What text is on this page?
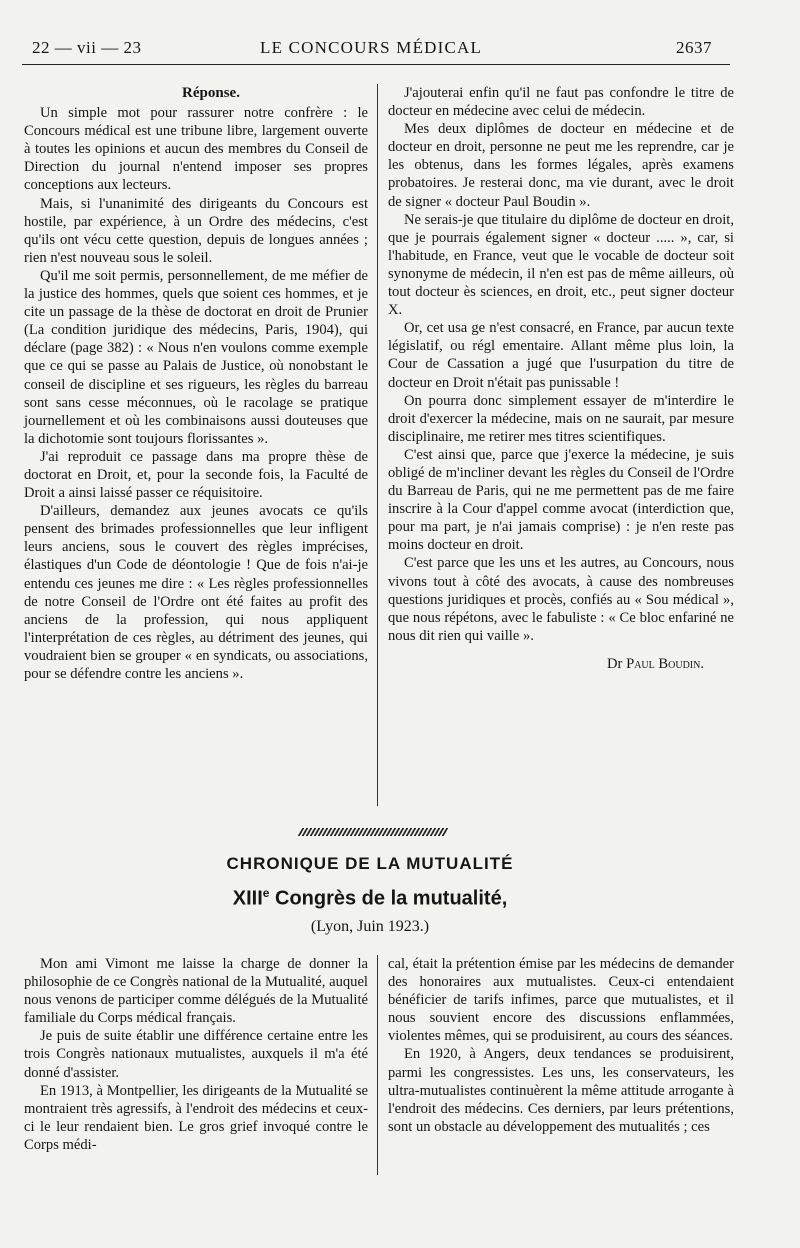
22 — vii — 23	LE CONCOURS MÉDICAL	2637
Réponse.

Un simple mot pour rassurer notre confrère : le Concours médical est une tribune libre, largement ouverte à toutes les opinions et aucun des membres du Conseil de Direction du journal n'entend imposer ses propres conceptions aux lecteurs.

Mais, si l'unanimité des dirigeants du Concours est hostile, par expérience, à un Ordre des médecins, c'est qu'ils ont vécu cette question, depuis de longues années ; rien n'est nouveau sous le soleil.

Qu'il me soit permis, personnellement, de me méfier de la justice des hommes, quels que soient ces hommes, et je cite un passage de la thèse de doctorat en droit de Prunier (La condition juridique des médecins, Paris, 1904), qui déclare (page 382) : « Nous n'en voulons comme exemple que ce qui se passe au Palais de Justice, où nonobstant le conseil de discipline et ses rigueurs, les règles du barreau sont sans cesse méconnues, où le racolage se pratique journellement et où les combinaisons aussi douteuses que la dichotomie sont toujours florissantes ».

J'ai reproduit ce passage dans ma propre thèse de doctorat en Droit, et, pour la seconde fois, la Faculté de Droit a ainsi laissé passer ce réquisitoire.

D'ailleurs, demandez aux jeunes avocats ce qu'ils pensent des brimades professionnelles que leur infligent leurs anciens, sous le couvert des règles imprécises, élastiques d'un Code de déontologie ! Que de fois n'ai-je entendu ces jeunes me dire : « Les règles professionnelles de notre Conseil de l'Ordre ont été faites au profit des anciens de la profession, qui nous appliquent l'interprétation de ces règles, au détriment des jeunes, qui voudraient bien se grouper « en syndicats, ou associations, pour se défendre contre les anciens ».

J'ajouterai enfin qu'il ne faut pas confondre le titre de docteur en médecine avec celui de médecin.

Mes deux diplômes de docteur en médecine et de docteur en droit, personne ne peut me les reprendre, car je les obtenus, dans les formes légales, après examens probatoires. Je resterai donc, ma vie durant, avec le droit de signer « docteur Paul Boudin ».

Ne serais-je que titulaire du diplôme de docteur en droit, que je pourrais également signer « docteur ..... », car, si l'habitude, en France, veut que le vocable de docteur soit synonyme de médecin, il n'en est pas de même ailleurs, où tout docteur ès sciences, en droit, etc., peut signer docteur X.

Or, cet usa ge n'est consacré, en France, par aucun texte législatif, ou régl ementaire. Allant même plus loin, la Cour de Cassation a jugé que l'usurpation du titre de docteur en Droit n'était pas punissable !

On pourra donc simplement essayer de m'interdire le droit d'exercer la médecine, mais on ne saurait, par mesure disciplinaire, me retirer mes titres scientifiques.

C'est ainsi que, parce que j'exerce la médecine, je suis obligé de m'incliner devant les règles du Conseil de l'Ordre du Barreau de Paris, qui ne me permettent pas de me faire inscrire à la Cour d'appel comme avocat (interdiction que, pour ma part, je n'ai jamais comprise) : je n'en reste pas moins docteur en droit.

C'est parce que les uns et les autres, au Concours, nous vivons tout à côté des avocats, à cause des nombreuses questions juridiques et procès, confiés au « Sou médical », que nous répétons, avec le fabuliste : « Ce bloc enfariné ne nous dit rien qui vaille ».

Dr Paul Boudin.
CHRONIQUE DE LA MUTUALITÉ
XIIIe Congrès de la mutualité,
(Lyon, Juin 1923.)

Mon ami Vimont me laisse la charge de donner la philosophie de ce Congrès national de la Mutualité, auquel nous venons de participer comme délégués de la Mutualité familiale du Corps médical français.

Je puis de suite établir une différence certaine entre les trois Congrès nationaux mutualistes, auxquels il m'a été donné d'assister.

En 1913, à Montpellier, les dirigeants de la Mutualité se montraient très agressifs, à l'endroit des médecins et ceux-ci le leur rendaient bien. Le gros grief invoqué contre le Corps médi-

cal, était la prétention émise par les médecins de demander des honoraires aux mutualistes. Ceux-ci entendaient bénéficier de tarifs infimes, parce que mutualistes, et il nous souvient encore des discussions enflammées, violentes mêmes, qui se produisirent, au cours des séances.

En 1920, à Angers, deux tendances se produisirent, parmi les congressistes. Les uns, les conservateurs, les ultra-mutualistes continuèrent la même attitude arrogante à l'endroit des médecins. Ces derniers, par leurs prétentions, sont un obstacle au développement des mutualités ; ces
